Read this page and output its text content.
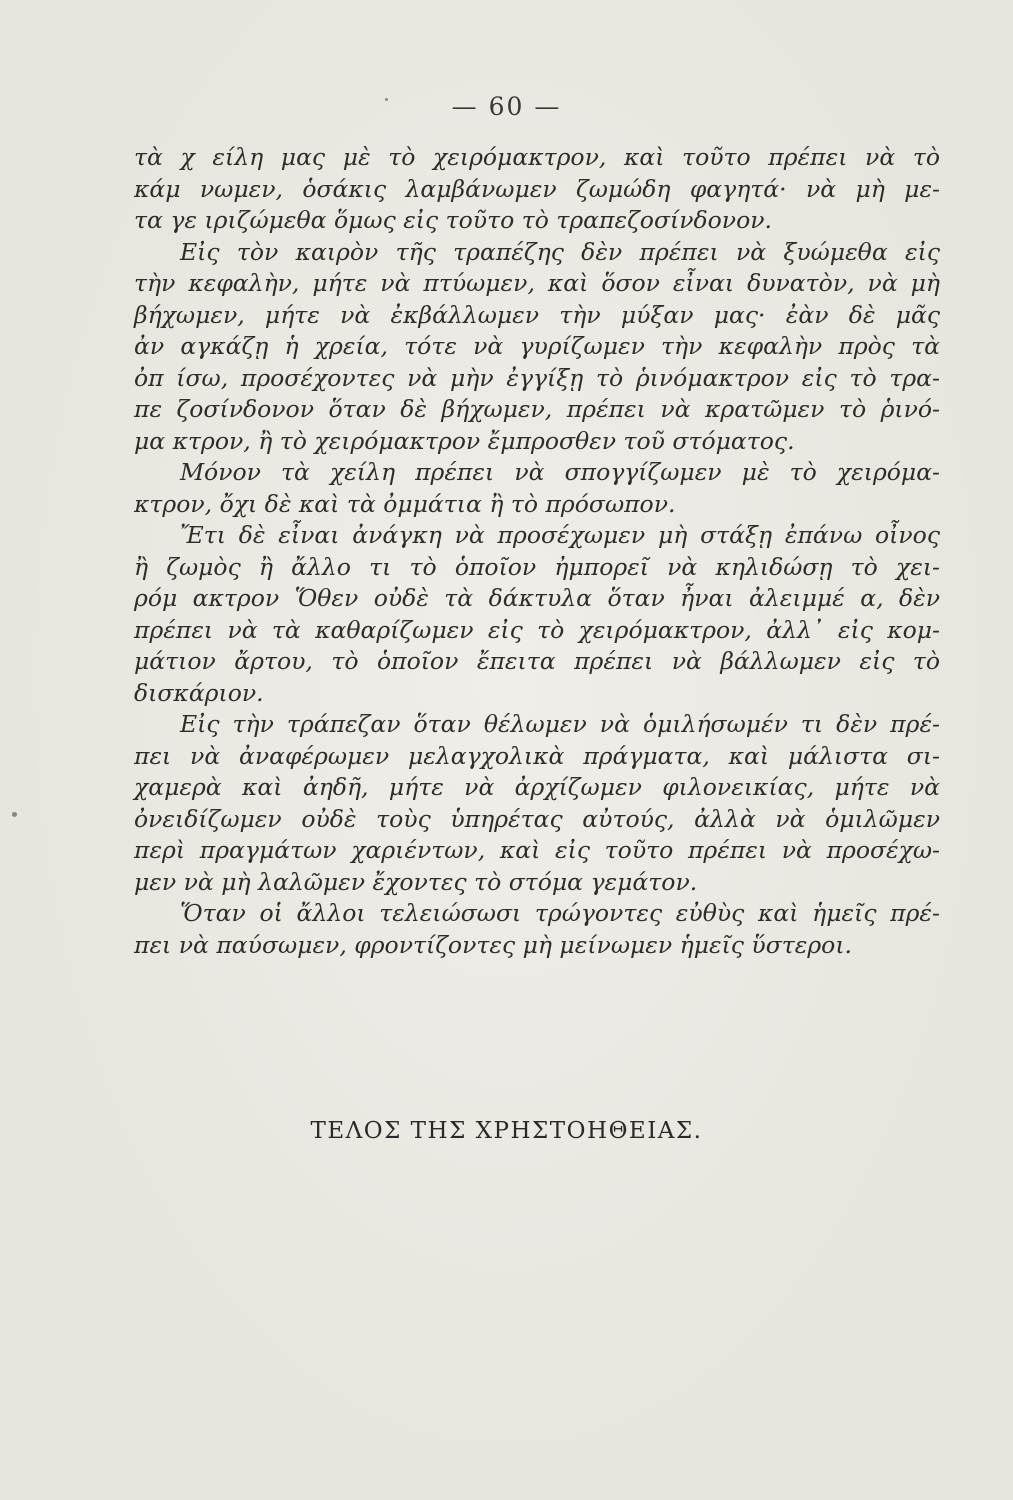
— 60 —
τὰ χ είλη μας μὲ τὸ χειρόμακτρον, καὶ τοῦτο πρέπει νὰ τὸ
κάμ νωμεν, ὁσάκις λαμβάνωμεν ζωμώδη φαγητά· νὰ μὴ με-
τα γε ιριζώμεθα ὅμως εἰς τοῦτο τὸ τραπεζοσίνδονον.
Εἰς τὸν καιρὸν τῆς τραπέζης δὲν πρέπει νὰ ξυώμεθα εἰς
τὴν κεφαλὴν, μήτε νὰ πτύωμεν, καὶ ὅσον εἶναι δυνατὸν, νὰ μὴ
βήχωμεν, μήτε νὰ ἐκβάλλωμεν τὴν μύξαν μας· ἐὰν δὲ μᾶς
ἀν αγκάζῃ ἡ χρεία, τότε νὰ γυρίζωμεν τὴν κεφαλὴν πρὸς τὰ
ὀπ ίσω, προσέχοντες νὰ μὴν ἐγγίξῃ τὸ ῥινόμακτρον εἰς τὸ τρα-
πε ζοσίνδονον ὅταν δὲ βήχωμεν, πρέπει νὰ κρατῶμεν τὸ ῥινό-
μα κτρον, ἢ τὸ χειρόμακτρον ἔμπροσθεν τοῦ στόματος.
Μόνον τὰ χείλη πρέπει νὰ σπογγίζωμεν μὲ τὸ χειρόμα-
κτρον, ὄχι δὲ καὶ τὰ ὀμμάτια ἢ τὸ πρόσωπον.
Ἔτι δὲ εἶναι ἀνάγκη νὰ προσέχωμεν μὴ στάξῃ ἐπάνω οἶνος
ἢ ζωμὸς ἢ ἄλλο τι τὸ ὁποῖον ἠμπορεῖ νὰ κηλιδώσῃ τὸ χει-
ρόμ ακτρον Ὅθεν οὐδὲ τὰ δάκτυλα ὅταν ἦναι ἀλειμμέ α, δὲν
πρέπει νὰ τὰ καθαρίζωμεν εἰς τὸ χειρόμακτρον, ἀλλ᾽ εἰς κομ-
μάτιον ἄρτου, τὸ ὁποῖον ἔπειτα πρέπει νὰ βάλλωμεν εἰς τὸ
δισκάριον.
Εἰς τὴν τράπεζαν ὅταν θέλωμεν νὰ ὁμιλήσωμέν τι δὲν πρέ-
πει νὰ ἀναφέρωμεν μελαγχολικὰ πράγματα, καὶ μάλιστα σι-
χαμερὰ καὶ ἀηδῆ, μήτε νὰ ἀρχίζωμεν φιλονεικίας, μήτε νὰ
ὀνειδίζωμεν οὐδὲ τοὺς ὑπηρέτας αὐτούς, ἀλλὰ νὰ ὁμιλῶμεν
περὶ πραγμάτων χαριέντων, καὶ εἰς τοῦτο πρέπει νὰ προσέχω-
μεν νὰ μὴ λαλῶμεν ἔχοντες τὸ στόμα γεμάτον.
Ὅταν οἱ ἄλλοι τελειώσωσι τρώγοντες εὐθὺς καὶ ἡμεῖς πρέ-
πει νὰ παύσωμεν, φροντίζοντες μὴ μείνωμεν ἡμεῖς ὕστεροι.
ΤΕΛΟΣ ΤΗΣ ΧΡΗΣΤΟΗΘΕΙΑΣ.
